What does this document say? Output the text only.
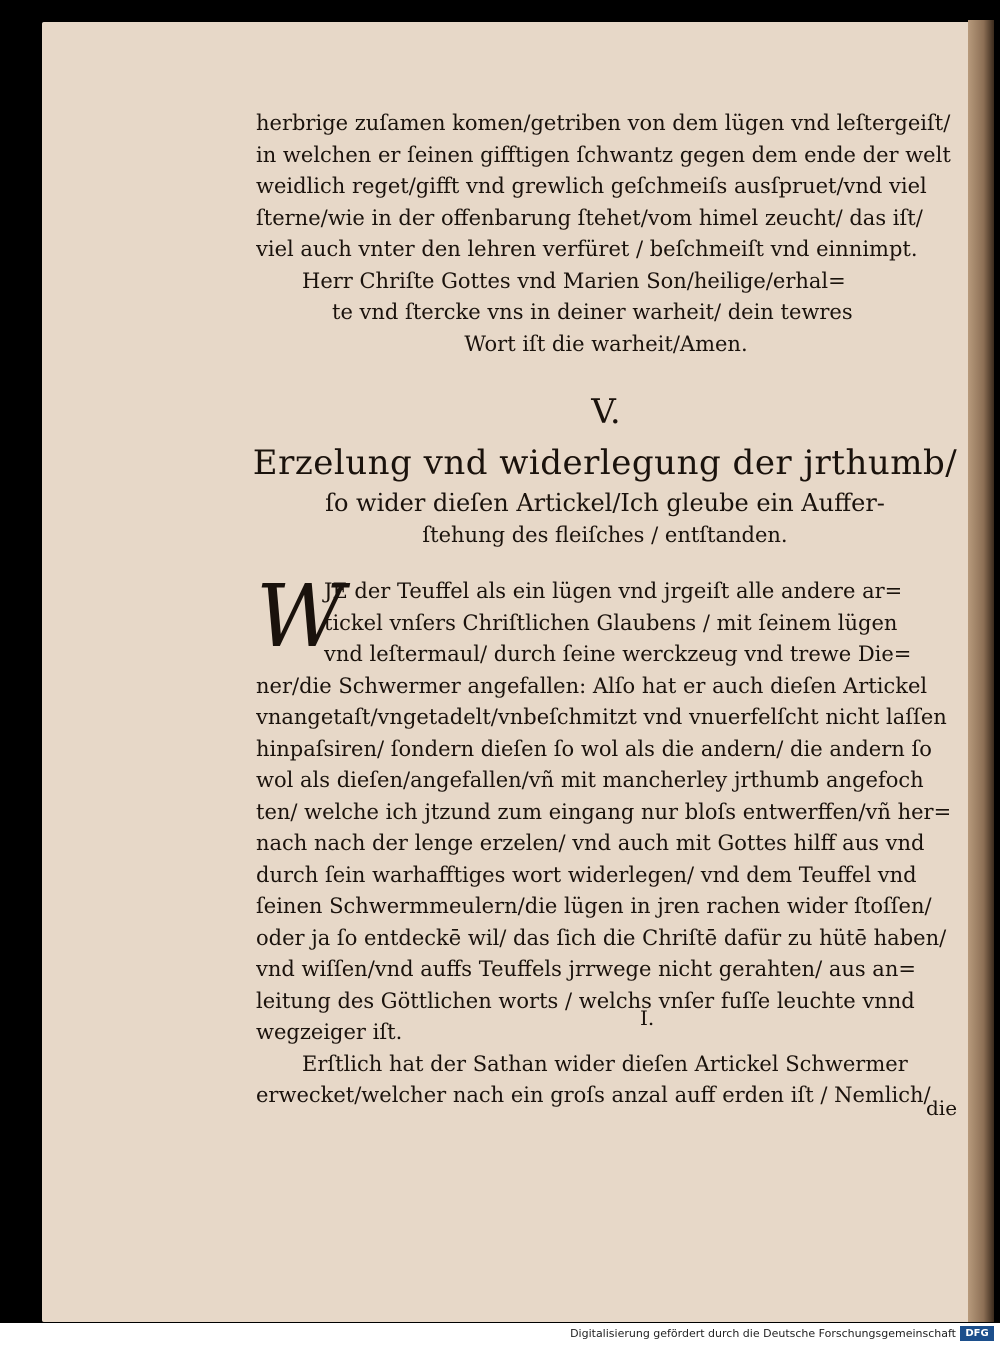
herbrige zuſamen komen/getriben von dem lügen vnd leſtergeiſt/
in welchen er ſeinen gifftigen ſchwantz gegen dem ende der welt
weidlich reget/gifft vnd grewlich geſchmeiſs ausſpruet/vnd viel
ſterne/wie in der offenbarung ſtehet/vom himel zeucht/ das iſt/
viel auch vnter den lehren verfüret / beſchmeiſt vnd einnimpt.
Herr Chriſte Gottes vnd Marien Son/heilige/erhal=
te vnd ſtercke vns in deiner warheit/ dein tewres
Wort iſt die warheit/Amen.
V.
Erzelung vnd widerlegung der jrthumb/
ſo wider dieſen Artickel/Ich gleube ein Auffer-
ſtehung des fleiſches / entſtanden.
W
JE der Teuffel als ein lügen vnd jrgeiſt alle andere ar=
tickel vnſers Chriſtlichen Glaubens / mit ſeinem lügen
vnd leſtermaul/ durch ſeine werckzeug vnd trewe Die=
ner/die Schwermer angefallen: Alſo hat er auch dieſen Artickel
vnangetaſt/vngetadelt/vnbeſchmitzt vnd vnuerfelſcht nicht laſſen
hinpaſsiren/ ſondern dieſen ſo wol als die andern/ die andern ſo
wol als dieſen/angefallen/vñ mit mancherley jrthumb angefoch
ten/ welche ich jtzund zum eingang nur bloſs entwerffen/vñ her=
nach nach der lenge erzelen/ vnd auch mit Gottes hilff aus vnd
durch ſein warhafftiges wort widerlegen/ vnd dem Teuffel vnd
ſeinen Schwermmeulern/die lügen in jren rachen wider ſtoſſen/
oder ja ſo entdeckē wil/ das ſich die Chriſtē dafür zu hütē haben/
vnd wiſſen/vnd auffs Teuffels jrrwege nicht gerahten/ aus an=
leitung des Göttlichen worts / welchs vnſer fuſſe leuchte vnnd
wegzeiger iſt.
Erſtlich hat der Sathan wider dieſen Artickel Schwermer
erwecket/welcher nach ein groſs anzal auff erden iſt / Nemlich/
I.
die
Digitalisierung gefördert durch die Deutsche Forschungsgemeinschaft DFG
